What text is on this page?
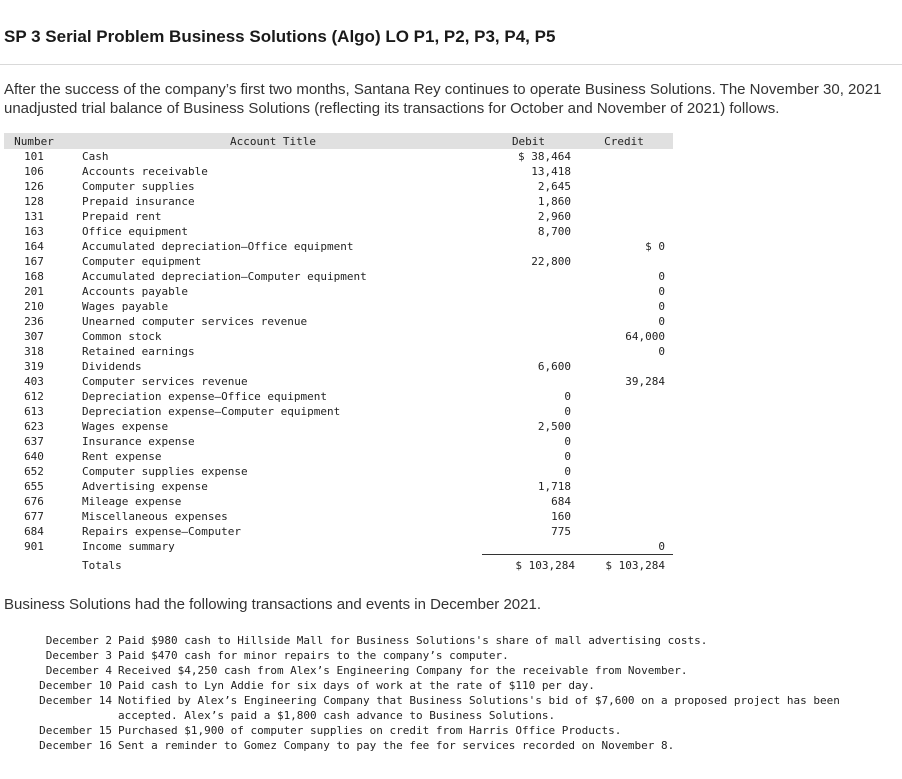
SP 3 Serial Problem Business Solutions (Algo) LO P1, P2, P3, P4, P5
After the success of the company’s first two months, Santana Rey continues to operate Business Solutions. The November 30, 2021
unadjusted trial balance of Business Solutions (reflecting its transactions for October and November of 2021) follows.
Number	Account Title	Debit	Credit
101	Cash	$ 38,464	
106	Accounts receivable	13,418	
126	Computer supplies	2,645	
128	Prepaid insurance	1,860	
131	Prepaid rent	2,960	
163	Office equipment	8,700	
164	Accumulated depreciation—Office equipment		$ 0
167	Computer equipment	22,800	
168	Accumulated depreciation—Computer equipment		0
201	Accounts payable		0
210	Wages payable		0
236	Unearned computer services revenue		0
307	Common stock		64,000
318	Retained earnings		0
319	Dividends	6,600	
403	Computer services revenue		39,284
612	Depreciation expense—Office equipment	0	
613	Depreciation expense—Computer equipment	0	
623	Wages expense	2,500	
637	Insurance expense	0	
640	Rent expense	0	
652	Computer supplies expense	0	
655	Advertising expense	1,718	
676	Mileage expense	684	
677	Miscellaneous expenses	160	
684	Repairs expense—Computer	775	
901	Income summary		0
	Totals	$ 103,284	$ 103,284
Business Solutions had the following transactions and events in December 2021.
December 2	Paid $980 cash to Hillside Mall for Business Solutions's share of mall advertising costs.
December 3	Paid $470 cash for minor repairs to the company’s computer.
December 4	Received $4,250 cash from Alex’s Engineering Company for the receivable from November.
December 10	Paid cash to Lyn Addie for six days of work at the rate of $110 per day.
December 14	Notified by Alex’s Engineering Company that Business Solutions's bid of $7,600 on a proposed project has been accepted. Alex’s paid a $1,800 cash advance to Business Solutions.
December 15	Purchased $1,900 of computer supplies on credit from Harris Office Products.
December 16	Sent a reminder to Gomez Company to pay the fee for services recorded on November 8.
